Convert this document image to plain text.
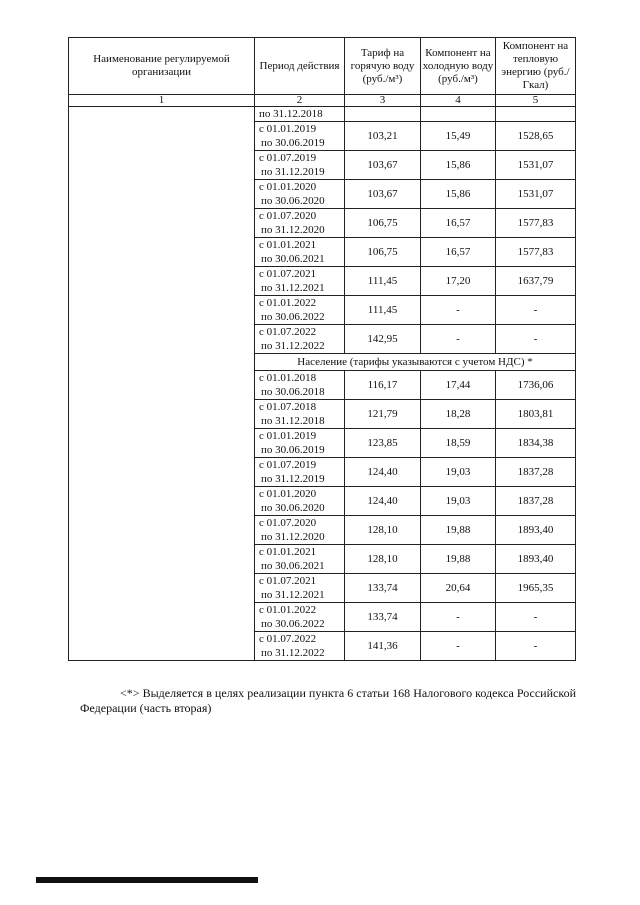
Наименование регулируемой организации	Период действия	Тариф на горячую воду (руб./м³)	Компонент на холодную воду (руб./м³)	Компонент на тепловую энергию (руб./Гкал)
1	2	3	4	5
	по 31.12.2018			

	с 01.01.2019
по 30.06.2019	103,21	15,49	1528,65

	с 01.07.2019
по 31.12.2019	103,67	15,86	1531,07

	с 01.01.2020
по 30.06.2020	103,67	15,86	1531,07

	с 01.07.2020
по 31.12.2020	106,75	16,57	1577,83

	с 01.01.2021
по 30.06.2021	106,75	16,57	1577,83

	с 01.07.2021
по 31.12.2021	111,45	17,20	1637,79

	с 01.01.2022
по 30.06.2022	111,45	-	-

	с 01.07.2022
по 31.12.2022	142,95	-	-
	Население (тарифы указываются с учетом НДС) *			

	с 01.01.2018
по 30.06.2018	116,17	17,44	1736,06

	с 01.07.2018
по 31.12.2018	121,79	18,28	1803,81

	с 01.01.2019
по 30.06.2019	123,85	18,59	1834,38

	с 01.07.2019
по 31.12.2019	124,40	19,03	1837,28

	с 01.01.2020
по 30.06.2020	124,40	19,03	1837,28

	с 01.07.2020
по 31.12.2020	128,10	19,88	1893,40

	с 01.01.2021
по 30.06.2021	128,10	19,88	1893,40

	с 01.07.2021
по 31.12.2021	133,74	20,64	1965,35

	с 01.01.2022
по 30.06.2022	133,74	-	-

	с 01.07.2022
по 31.12.2022	141,36	-	-
<*> Выделяется в целях реализации пункта 6 статьи 168 Налогового кодекса Российской Федерации (часть вторая)
